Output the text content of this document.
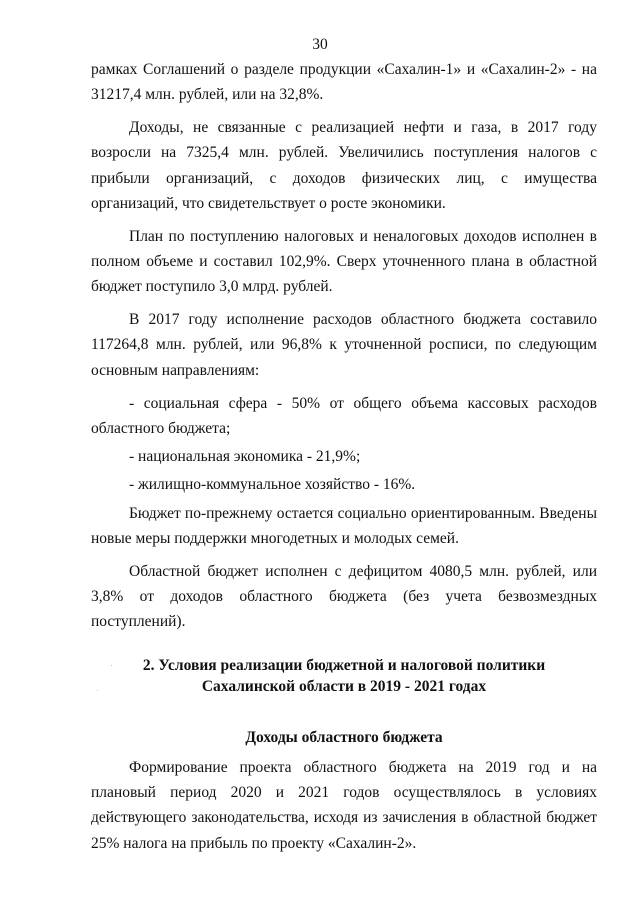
30

рамках Соглашений о разделе продукции «Сахалин-1» и «Сахалин-2» - на 31217,4 млн. рублей, или на 32,8%.

Доходы, не связанные с реализацией нефти и газа, в 2017 году возросли на 7325,4 млн. рублей. Увеличились поступления налогов с прибыли организаций, с доходов физических лиц, с имущества организаций, что свидетельствует о росте экономики.

План по поступлению налоговых и неналоговых доходов исполнен в полном объеме и составил 102,9%. Сверх уточненного плана в областной бюджет поступило 3,0 млрд. рублей.

В 2017 году исполнение расходов областного бюджета составило 117264,8 млн. рублей, или 96,8% к уточненной росписи, по следующим основным направлениям:

- социальная сфера - 50% от общего объема кассовых расходов областного бюджета;

- национальная экономика - 21,9%;

- жилищно-коммунальное хозяйство - 16%.

Бюджет по-прежнему остается социально ориентированным. Введены новые меры поддержки многодетных и молодых семей.

Областной бюджет исполнен с дефицитом 4080,5 млн. рублей, или 3,8% от доходов областного бюджета (без учета безвозмездных поступлений).

2. Условия реализации бюджетной и налоговой политики
Сахалинской области в 2019 - 2021 годах
Доходы областного бюджета

Формирование проекта областного бюджета на 2019 год и на плановый период 2020 и 2021 годов осуществлялось в условиях действующего законодательства, исходя из зачисления в областной бюджет 25% налога на прибыль по проекту «Сахалин-2».
